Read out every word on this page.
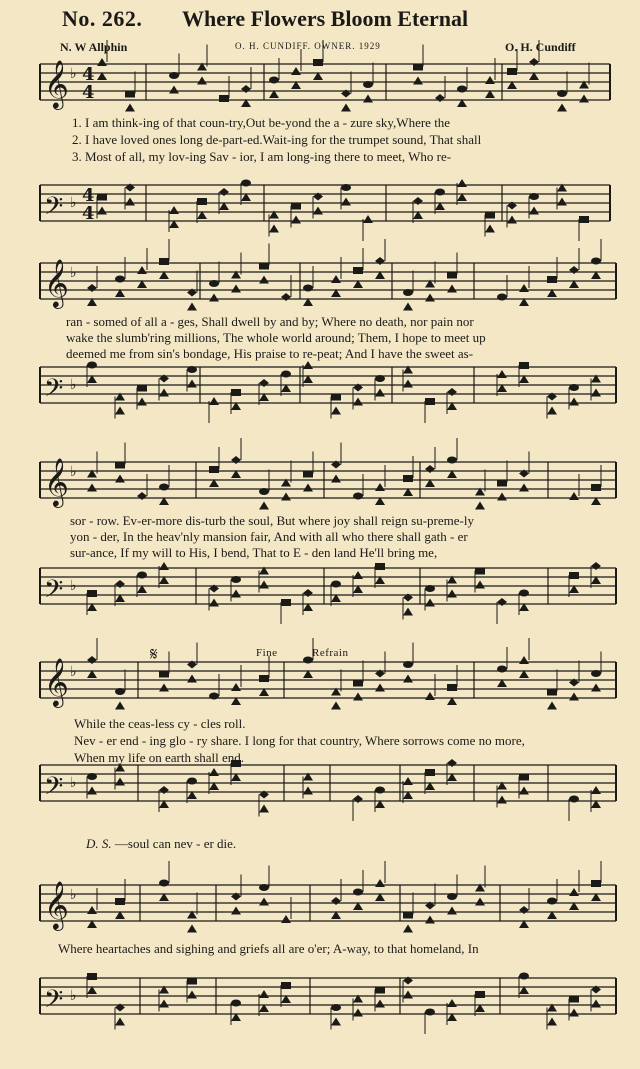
𝄞 ♭ 4
4
𝄢 ♭ 4
4
𝄞 ♭
𝄢 ♭
𝄞 ♭
𝄢 ♭
𝄞 ♭
𝄢 ♭
𝄞 ♭
𝄢 ♭
No. 262. Where Flowers Bloom Eternal
N. W Allphin	O. H. CUNDIFF. OWNER. 1929	O. H. Cundiff
1. I am think-ing of that coun-try,Out be-yond the a - zure sky,Where the
2. I have loved ones long de-part-ed.Wait-ing for the trumpet sound, That shall
3. Most of all, my lov-ing Sav - ior, I am long-ing there to meet, Who re-
ran - somed of all a - ges, Shall dwell by and by; Where no death, nor pain nor
wake the slumb'ring millions, The whole world around; Them, I hope to meet up
deemed me from sin's bondage, His praise to re-peat; And I have the sweet as-
sor - row. Ev-er-more dis-turb the soul, But where joy shall reign su-preme-ly
yon - der, In the heav'nly mansion fair, And with all who there shall gath - er
sur-ance, If my will to His, I bend, That to E - den land He'll bring me,
Fine	Refrain
𝄋
While the ceas-less cy - cles roll.
Nev - er end - ing glo - ry share. I long for that country, Where sorrows come no more,
When my life on earth shall end.
D. S. —soul can nev - er die.
Where heartaches and sighing and griefs all are o'er; A-way, to that homeland, In
